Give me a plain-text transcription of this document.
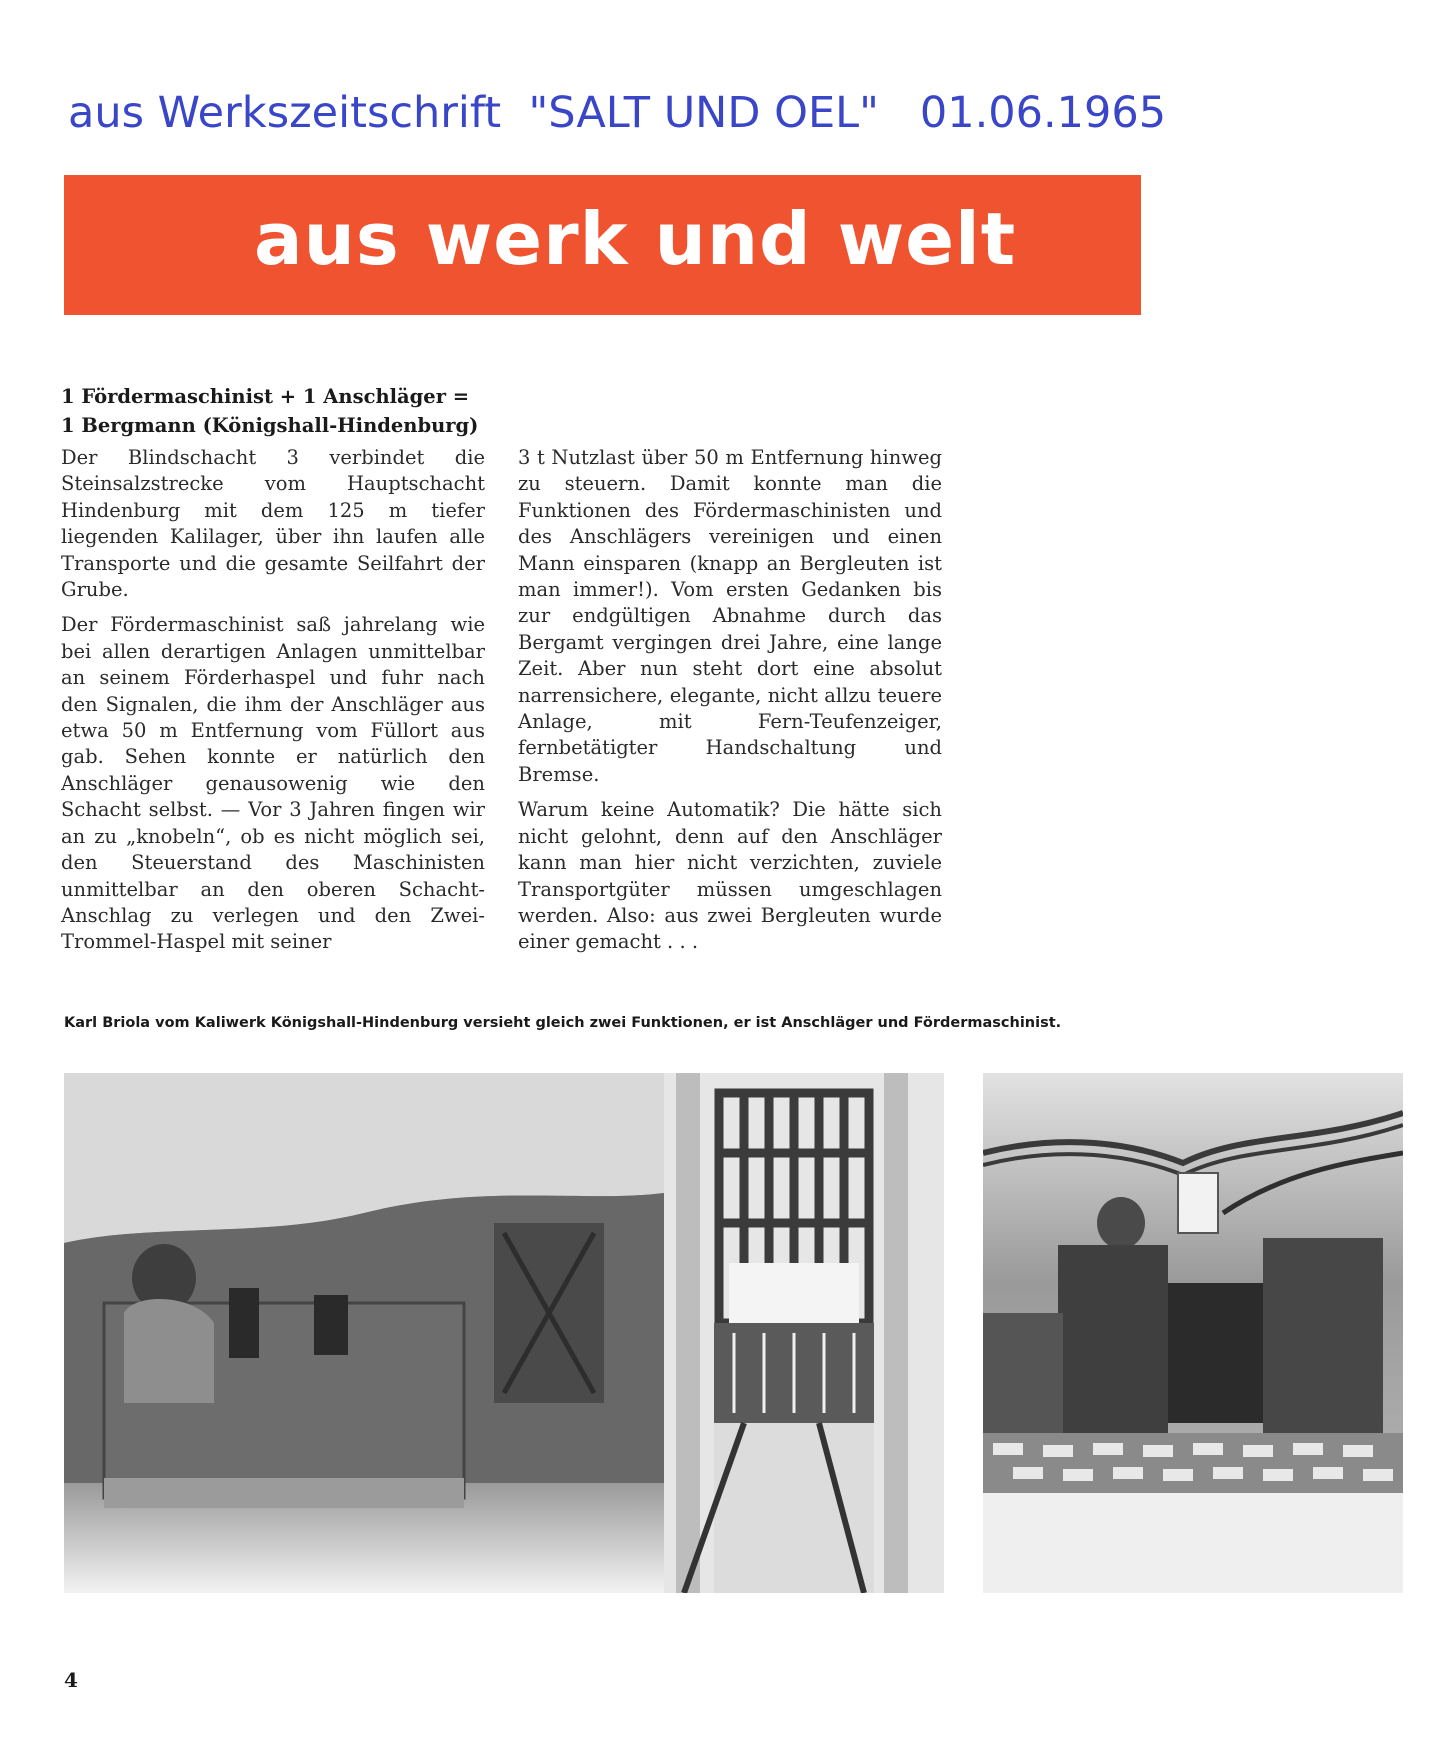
aus Werkszeitschrift  "SALT UND OEL"   01.06.1965
aus werk und welt
1 Fördermaschinist + 1 Anschläger =
1 Bergmann (Königshall-Hindenburg)

Der Blindschacht 3 verbindet die Steinsalzstrecke vom Hauptschacht Hindenburg mit dem 125 m tiefer liegenden Kalilager, über ihn laufen alle Transporte und die gesamte Seilfahrt der Grube.

Der Fördermaschinist saß jahrelang wie bei allen derartigen Anlagen unmittelbar an seinem Förderhaspel und fuhr nach den Signalen, die ihm der Anschläger aus etwa 50 m Entfernung vom Füllort aus gab. Sehen konnte er natürlich den Anschläger genausowenig wie den Schacht selbst. — Vor 3 Jahren fingen wir an zu „knobeln“, ob es nicht möglich sei, den Steuerstand des Maschinisten unmittelbar an den oberen Schacht-Anschlag zu verlegen und den Zwei-Trommel-Haspel mit seiner

3 t Nutzlast über 50 m Entfernung hinweg zu steuern. Damit konnte man die Funktionen des Fördermaschinisten und des Anschlägers vereinigen und einen Mann einsparen (knapp an Bergleuten ist man immer!). Vom ersten Gedanken bis zur endgültigen Abnahme durch das Bergamt vergingen drei Jahre, eine lange Zeit. Aber nun steht dort eine absolut narrensichere, elegante, nicht allzu teuere Anlage, mit Fern-Teufenzeiger, fernbetätigter Handschaltung und Bremse.

Warum keine Automatik? Die hätte sich nicht gelohnt, denn auf den Anschläger kann man hier nicht verzichten, zuviele Transportgüter müssen umgeschlagen werden. Also: aus zwei Bergleuten wurde einer gemacht . . .

Karl Briola vom Kaliwerk Königshall-Hindenburg versieht gleich zwei Funktionen, er ist Anschläger und Fördermaschinist.
4
